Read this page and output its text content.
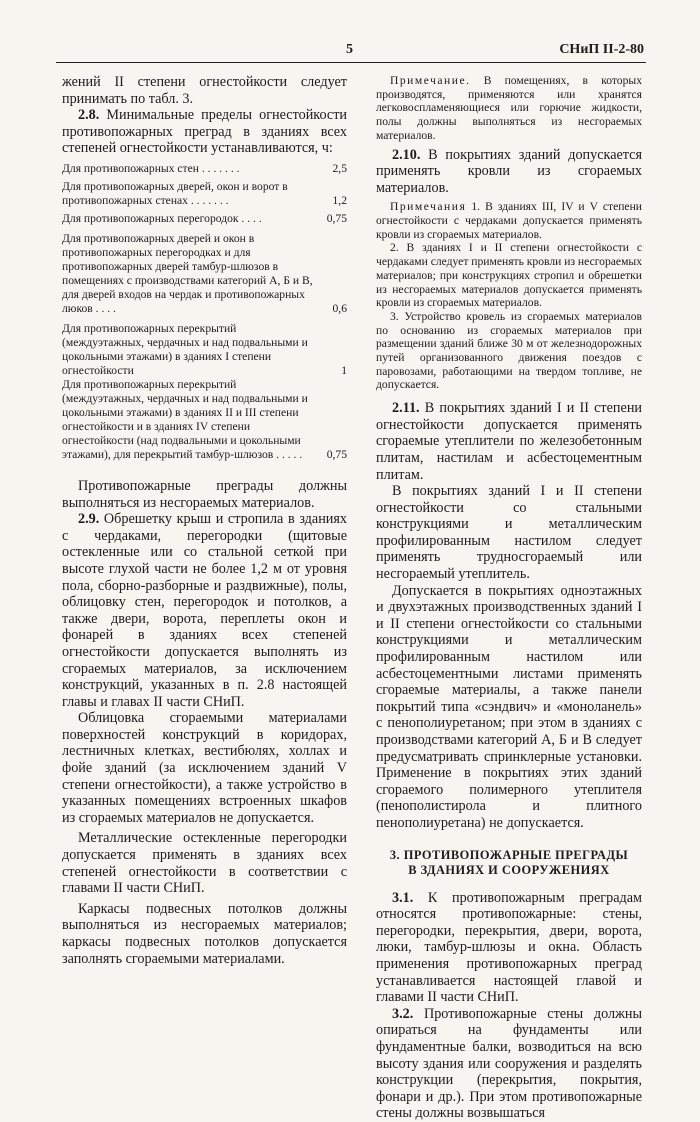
5	СНиП II-2-80

жений II степени огнестойкости следует принимать по табл. 3.

2.8. Минимальные пределы огнестойкости противопожарных преград в зданиях всех степеней огнестойкости устанавливаются, ч:

Для противопожарных стен . . . . . . .	2,5
Для противопожарных дверей, окон и ворот в противопожарных стенах . . . . . . .	1,2
Для противопожарных перегородок . . . .	0,75
Для противопожарных дверей и окон в противопожарных перегородках и для противопожарных дверей тамбур-шлюзов в помещениях с производствами категорий А, Б и В, для дверей входов на чердак и противопожарных люков . . . .	0,6
Для противопожарных перекрытий (междуэтажных, чердачных и над подвальными и цокольными этажами) в зданиях I степени огнестойкости	1
Для противопожарных перекрытий (междуэтажных, чердачных и над подвальными и цокольными этажами) в зданиях II и III степени огнестойкости и в зданиях IV степени огнестойкости (над подвальными и цокольными этажами), для перекрытий тамбур-шлюзов . . . . .	0,75

Противопожарные преграды должны выполняться из несгораемых материалов.

2.9. Обрешетку крыш и стропила в зданиях с чердаками, перегородки (щитовые остекленные или со стальной сеткой при высоте глухой части не более 1,2 м от уровня пола, сборно-разборные и раздвижные), полы, облицовку стен, перегородок и потолков, а также двери, ворота, переплеты окон и фонарей в зданиях всех степеней огнестойкости допускается выполнять из сгораемых материалов, за исключением конструкций, указанных в п. 2.8 настоящей главы и главах II части СНиП.

Облицовка сгораемыми материалами поверхностей конструкций в коридорах, лестничных клетках, вестибюлях, холлах и фойе зданий (за исключением зданий V степени огнестойкости), а также устройство в указанных помещениях встроенных шкафов из сгораемых материалов не допускается.

Металлические остекленные перегородки допускается применять в зданиях всех степеней огнестойкости в соответствии с главами II части СНиП.

Каркасы подвесных потолков должны выполняться из несгораемых материалов; каркасы подвесных потолков допускается заполнять сгораемыми материалами.

Примечание. В помещениях, в которых производятся, применяются или хранятся легковоспламеняющиеся или горючие жидкости, полы должны выполняться из несгораемых материалов.

2.10. В покрытиях зданий допускается применять кровли из сгораемых материалов.

Примечания 1. В зданиях III, IV и V степени огнестойкости с чердаками допускается применять кровли из сгораемых материалов.

2. В зданиях I и II степени огнестойкости с чердаками следует применять кровли из несгораемых материалов; при конструкциях стропил и обрешетки из несгораемых материалов допускается применять кровли из сгораемых материалов.

3. Устройство кровель из сгораемых материалов по основанию из сгораемых материалов при размещении зданий ближе 30 м от железнодорожных путей организованного движения поездов с паровозами, работающими на твердом топливе, не допускается.

2.11. В покрытиях зданий I и II степени огнестойкости допускается применять сгораемые утеплители по железобетонным плитам, настилам и асбестоцементным плитам.

В покрытиях зданий I и II степени огнестойкости со стальными конструкциями и металлическим профилированным настилом следует применять трудносгораемый или несгораемый утеплитель.

Допускается в покрытиях одноэтажных и двухэтажных производственных зданий I и II степени огнестойкости со стальными конструкциями и металлическим профилированным настилом или асбестоцементными листами применять сгораемые материалы, а также панели покрытий типа «сэндвич» и «моноланель» с пенополиуретаном; при этом в зданиях с производствами категорий А, Б и В следует предусматривать спринклерные установки. Применение в покрытиях этих зданий сгораемого полимерного утеплителя (пенополистирола и плитного пенополиуретана) не допускается.

3. ПРОТИВОПОЖАРНЫЕ ПРЕГРАДЫ

В ЗДАНИЯХ И СООРУЖЕНИЯХ

3.1. К противопожарным преградам относятся противопожарные: стены, перегородки, перекрытия, двери, ворота, люки, тамбур-шлюзы и окна. Область применения противопожарных преград устанавливается настоящей главой и главами II части СНиП.

3.2. Противопожарные стены должны опираться на фундаменты или фундаментные балки, возводиться на всю высоту здания или сооружения и разделять конструкции (перекрытия, покрытия, фонари и др.). При этом противопожарные стены должны возвышаться
